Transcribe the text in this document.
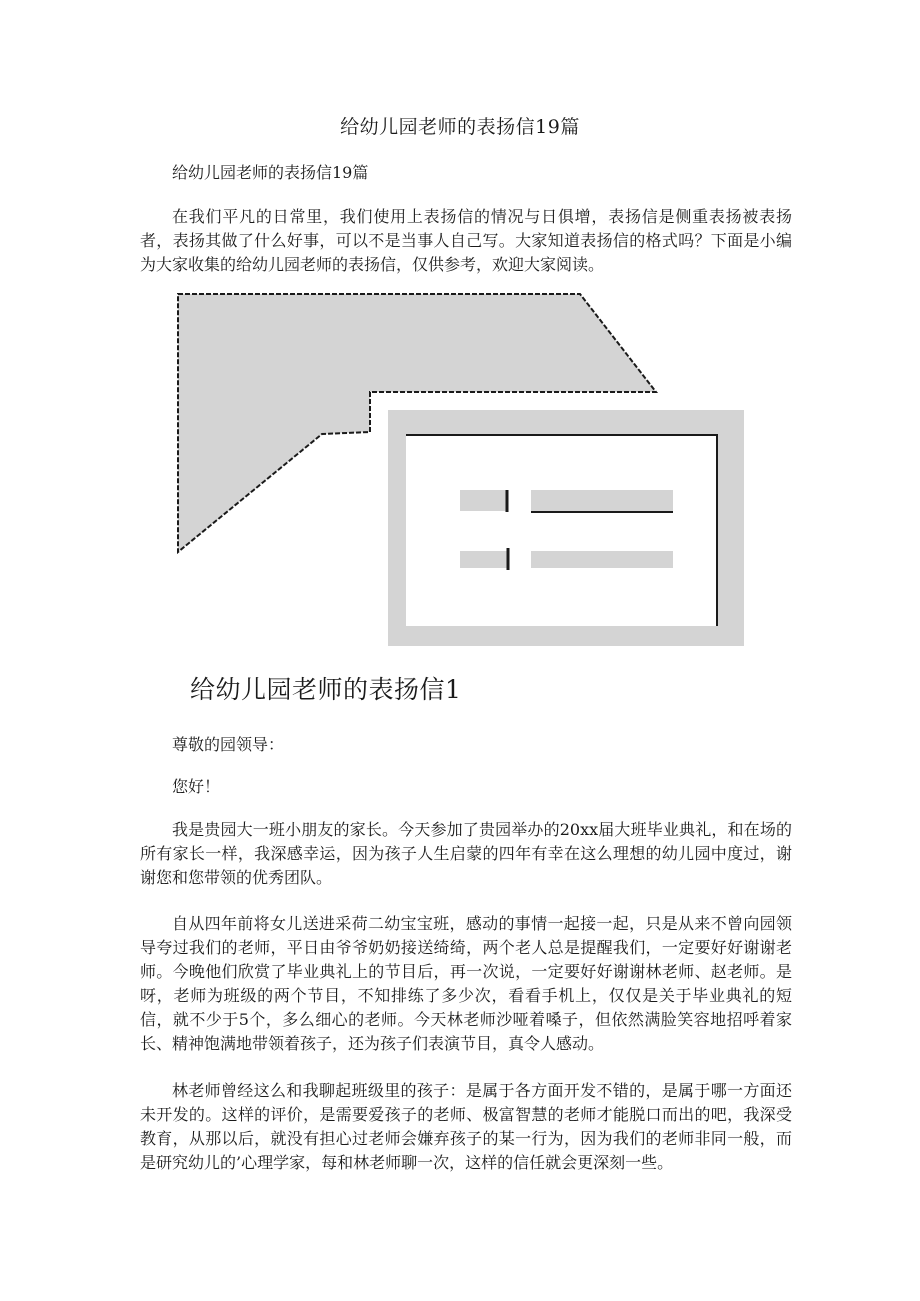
给幼儿园老师的表扬信19篇
给幼儿园老师的表扬信19篇

在我们平凡的日常里，我们使用上表扬信的情况与日俱增，表扬信是侧重表扬被表扬者，表扬其做了什么好事，可以不是当事人自己写。大家知道表扬信的格式吗？下面是小编为大家收集的给幼儿园老师的表扬信，仅供参考，欢迎大家阅读。

给幼儿园老师的表扬信1
尊敬的园领导：
您好！

我是贵园大一班小朋友的家长。今天参加了贵园举办的20xx届大班毕业典礼，和在场的所有家长一样，我深感幸运，因为孩子人生启蒙的四年有幸在这么理想的幼儿园中度过，谢谢您和您带领的优秀团队。

自从四年前将女儿送进采荷二幼宝宝班，感动的事情一起接一起，只是从来不曾向园领导夸过我们的老师，平日由爷爷奶奶接送绮绮，两个老人总是提醒我们，一定要好好谢谢老师。今晚他们欣赏了毕业典礼上的节目后，再一次说，一定要好好谢谢林老师、赵老师。是呀，老师为班级的两个节目，不知排练了多少次，看看手机上，仅仅是关于毕业典礼的短信，就不少于5个，多么细心的老师。今天林老师沙哑着嗓子，但依然满脸笑容地招呼着家长、精神饱满地带领着孩子，还为孩子们表演节目，真令人感动。

林老师曾经这么和我聊起班级里的孩子：是属于各方面开发不错的，是属于哪一方面还未开发的。这样的评价，是需要爱孩子的老师、极富智慧的老师才能脱口而出的吧，我深受教育，从那以后，就没有担心过老师会嫌弃孩子的某一行为，因为我们的老师非同一般，而是研究幼儿的’心理学家，每和林老师聊一次，这样的信任就会更深刻一些。
